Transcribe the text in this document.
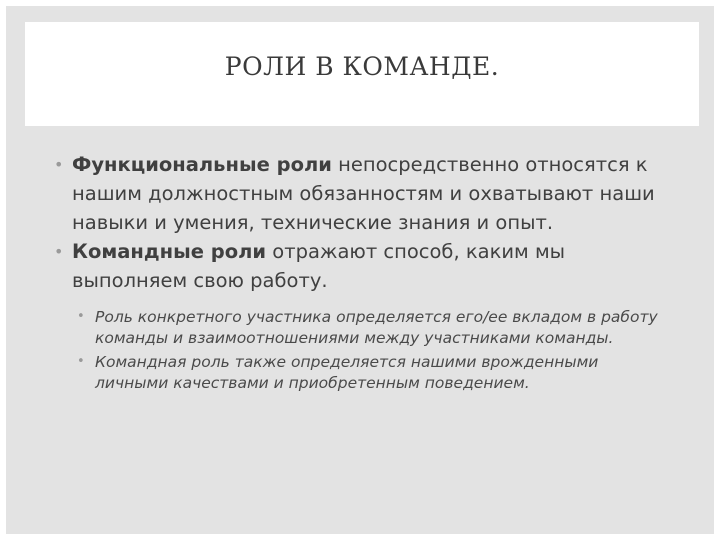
РОЛИ В КОМАНДЕ.
• Функциональные роли непосредственно относятся к нашим должностным обязанностям и охватывают наши навыки и умения, технические знания и опыт.
• Командные роли отражают способ, каким мы выполняем свою работу.
• Роль конкретного участника определяется его/ее вкладом в работу команды и взаимоотношениями между участниками команды.
• Командная роль также определяется нашими врожденными личными качествами и приобретенным поведением.
